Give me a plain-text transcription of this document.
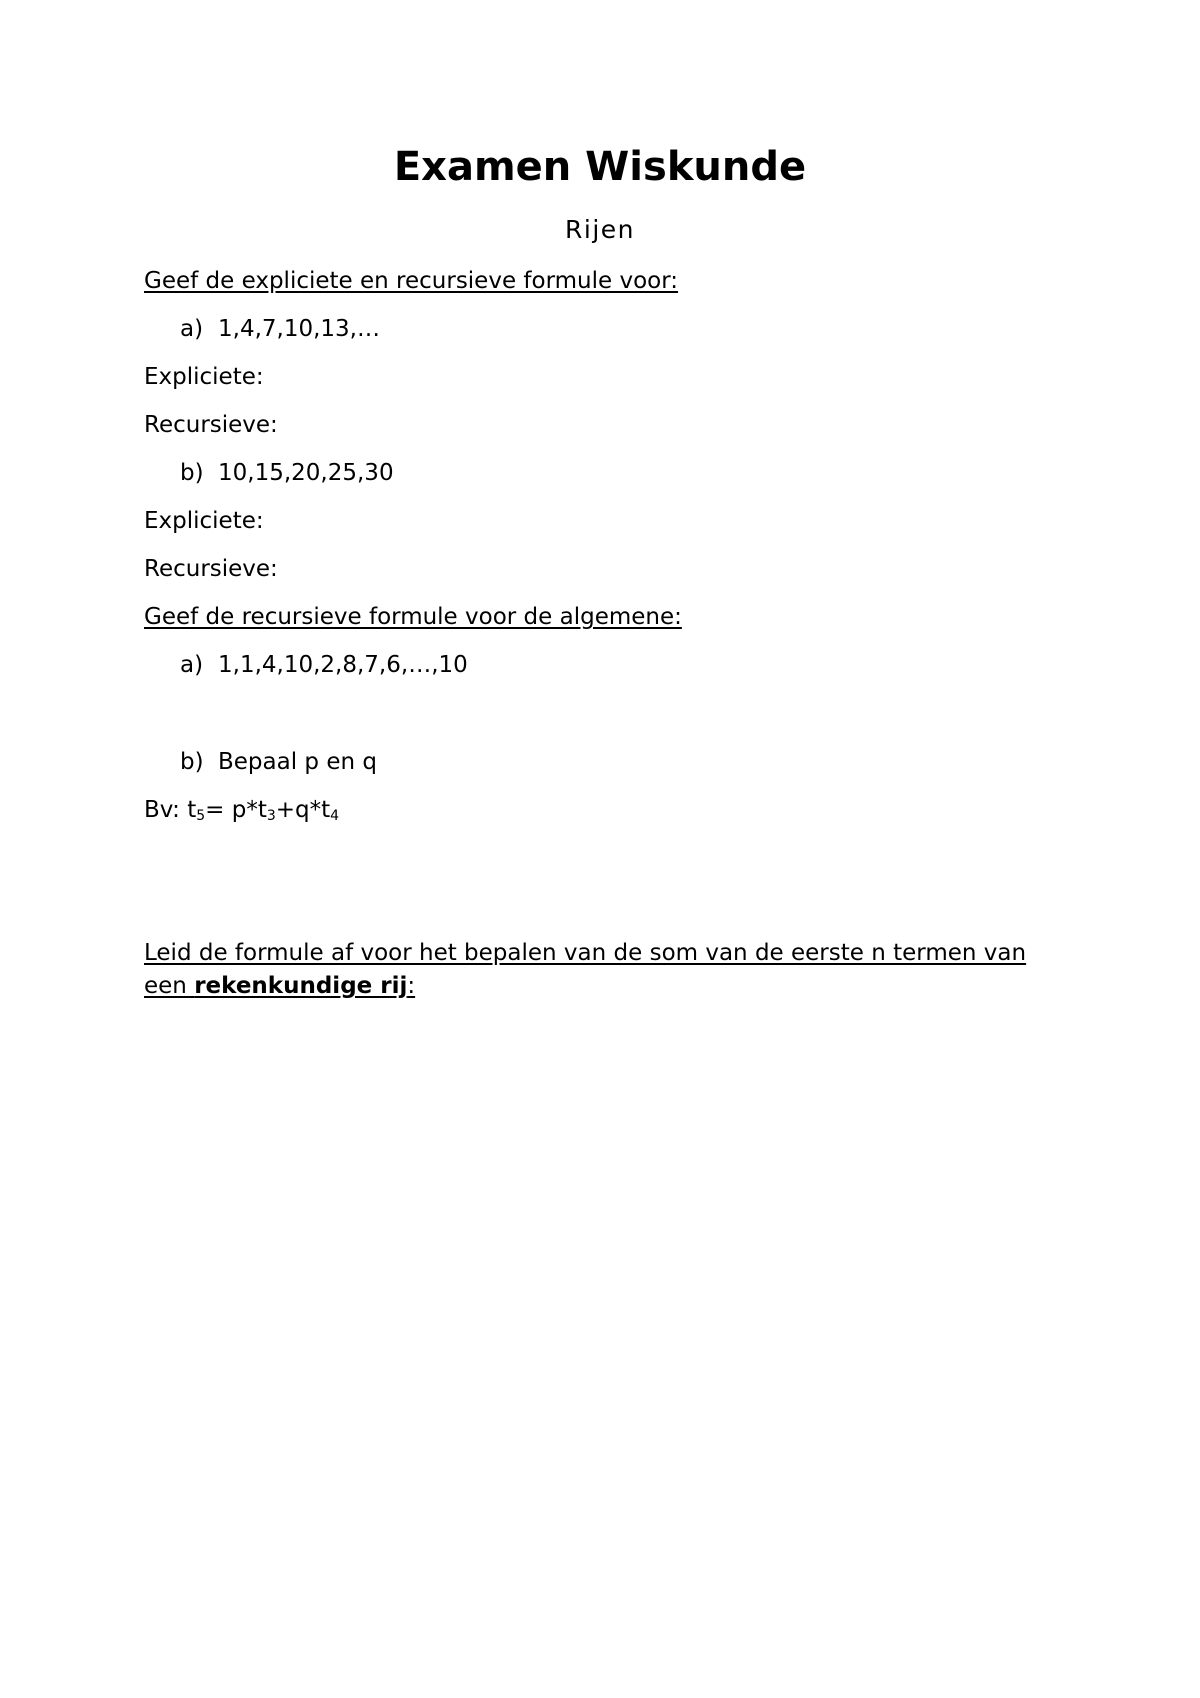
Examen Wiskunde

Rijen

Geef de expliciete en recursieve formule voor:

a) 1,4,7,10,13,…

Expliciete:

Recursieve:

b) 10,15,20,25,30

Expliciete:

Recursieve:

Geef de recursieve formule voor de algemene:

a) 1,1,4,10,2,8,7,6,…,10

b) Bepaal p en q

Bv: $t_5= p*t_3+q*t_4$

Leid de formule af voor het bepalen van de som van de eerste n termen van een rekenkundige rij:
